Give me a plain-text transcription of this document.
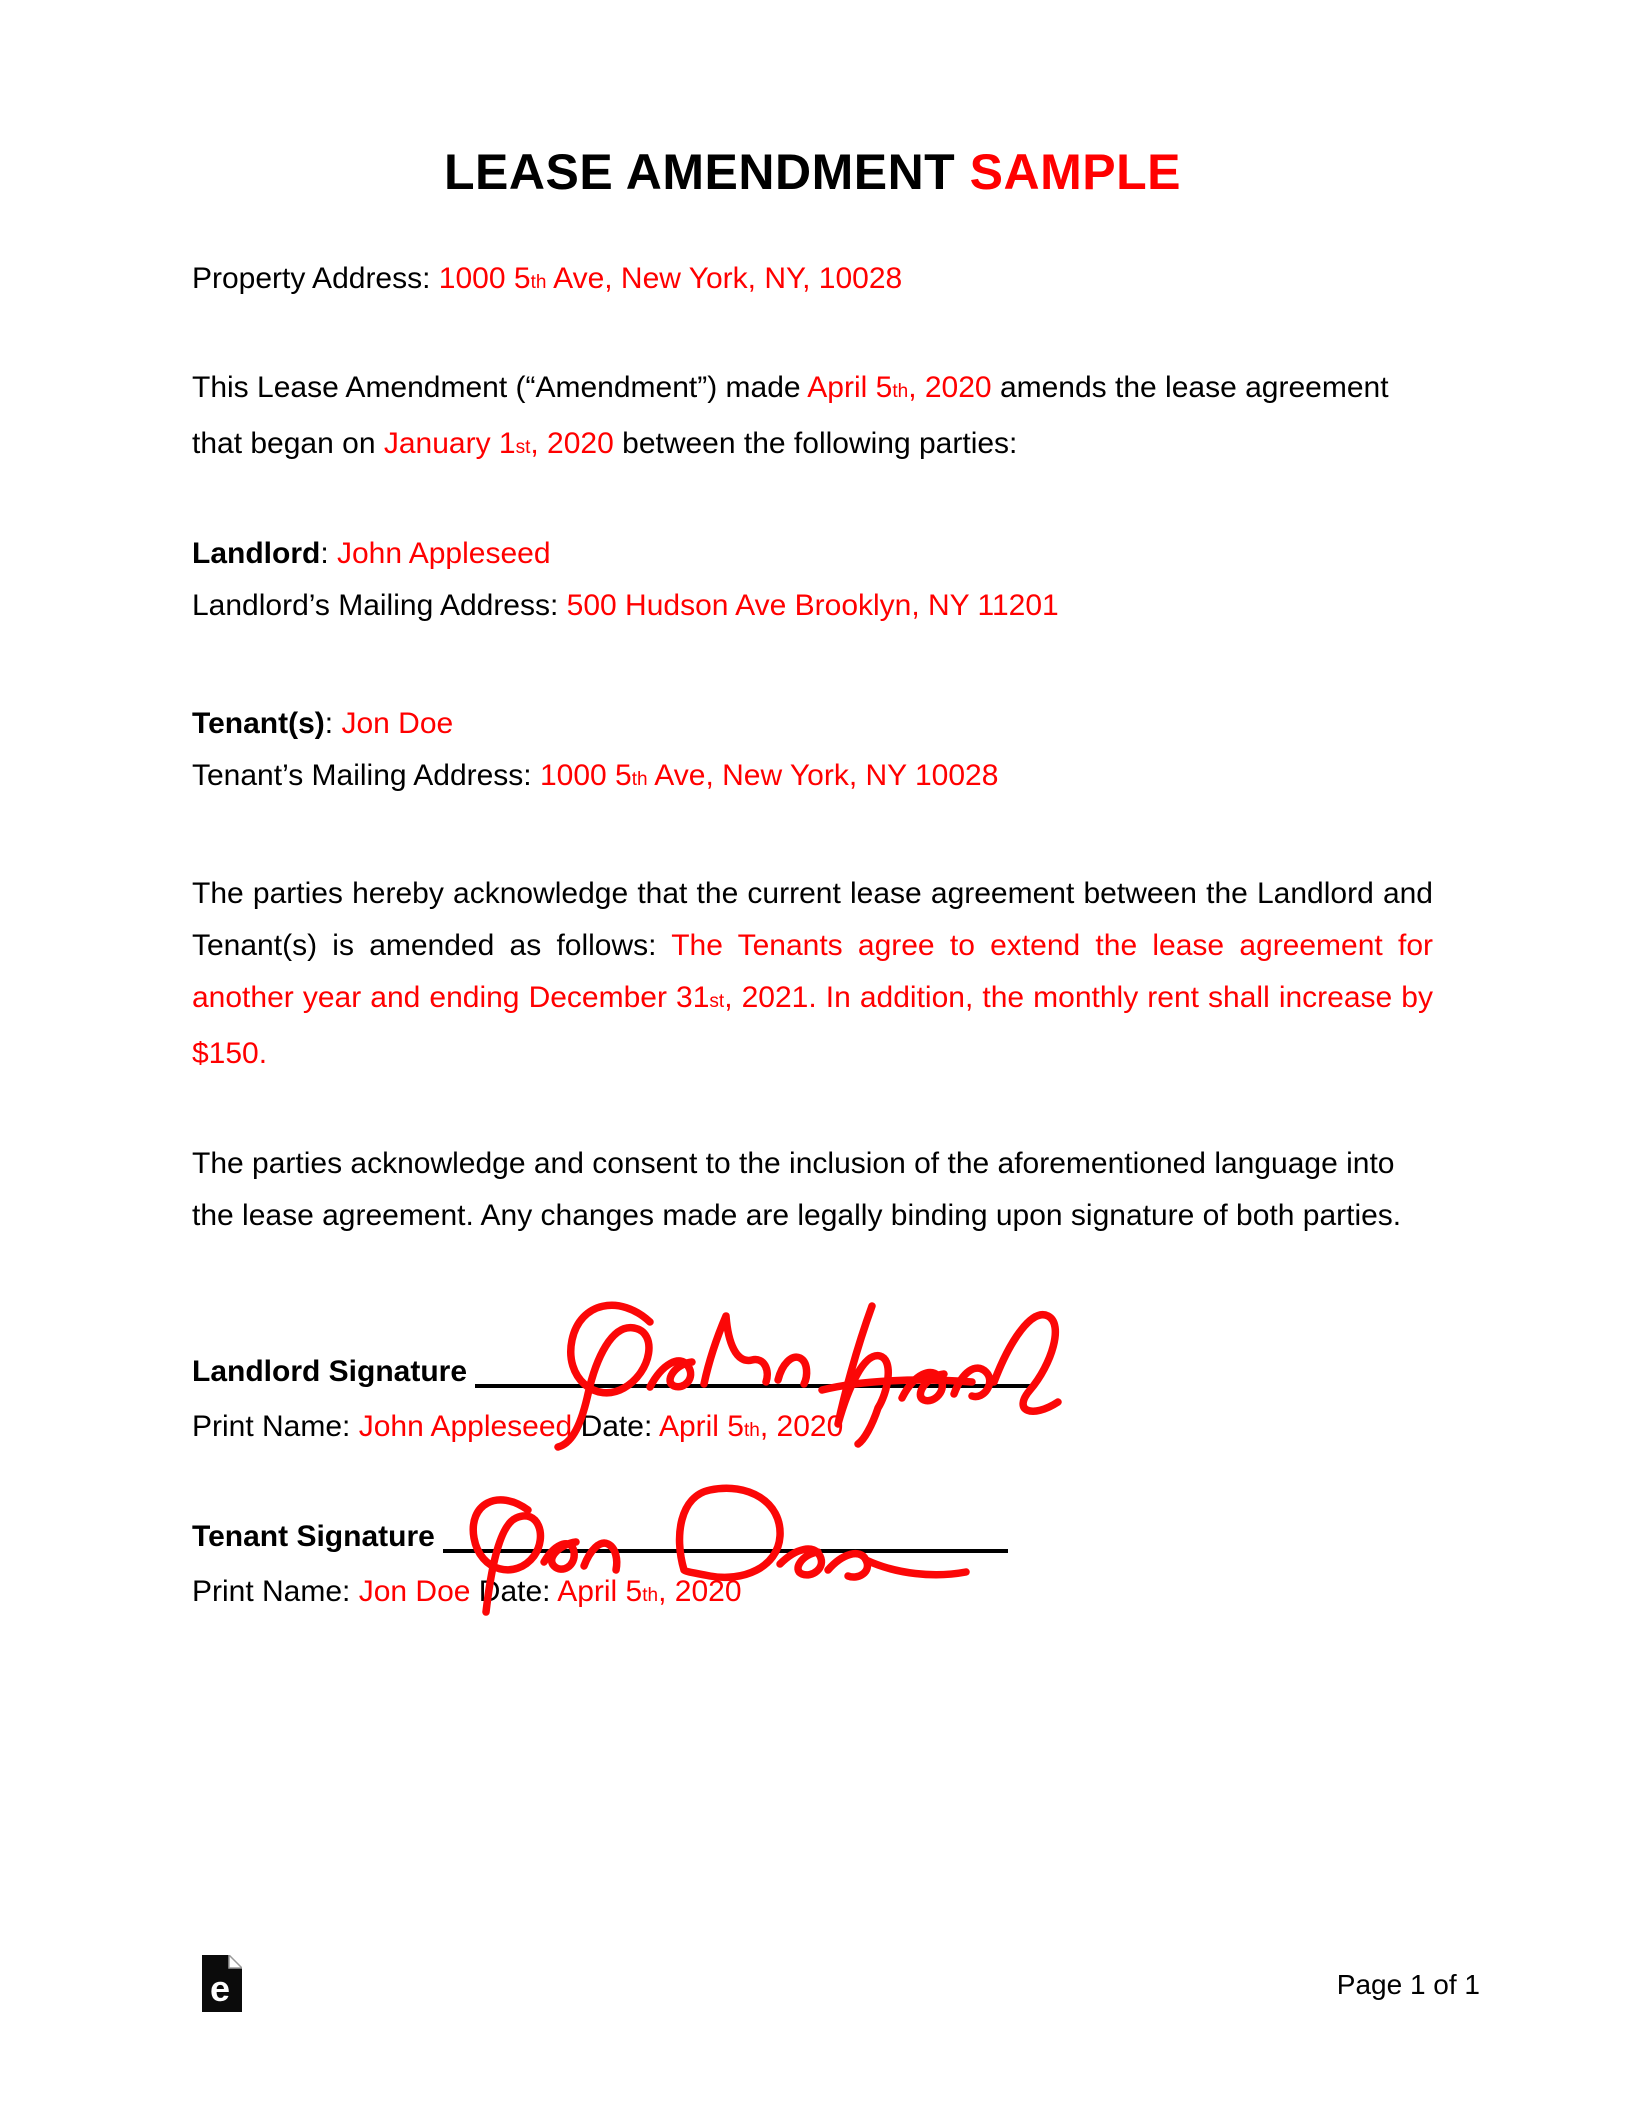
LEASE AMENDMENT SAMPLE
Property Address: 1000 5th Ave, New York, NY, 10028
This Lease Amendment (“Amendment”) made April 5th, 2020 amends the lease agreement that began on January 1st, 2020 between the following parties:
Landlord: John Appleseed
Landlord’s Mailing Address: 500 Hudson Ave Brooklyn, NY 11201
Tenant(s): Jon Doe
Tenant’s Mailing Address: 1000 5th Ave, New York, NY 10028
The parties hereby acknowledge that the current lease agreement between the Landlord and Tenant(s) is amended as follows: The Tenants agree to extend the lease agreement for another year and ending December 31st, 2021. In addition, the monthly rent shall increase by $150.
The parties acknowledge and consent to the inclusion of the aforementioned language into the lease agreement. Any changes made are legally binding upon signature of both parties.
Landlord Signature
Print Name: John Appleseed Date: April 5th, 2020
Tenant Signature
Print Name: Jon Doe Date: April 5th, 2020
e	Page 1 of 1
